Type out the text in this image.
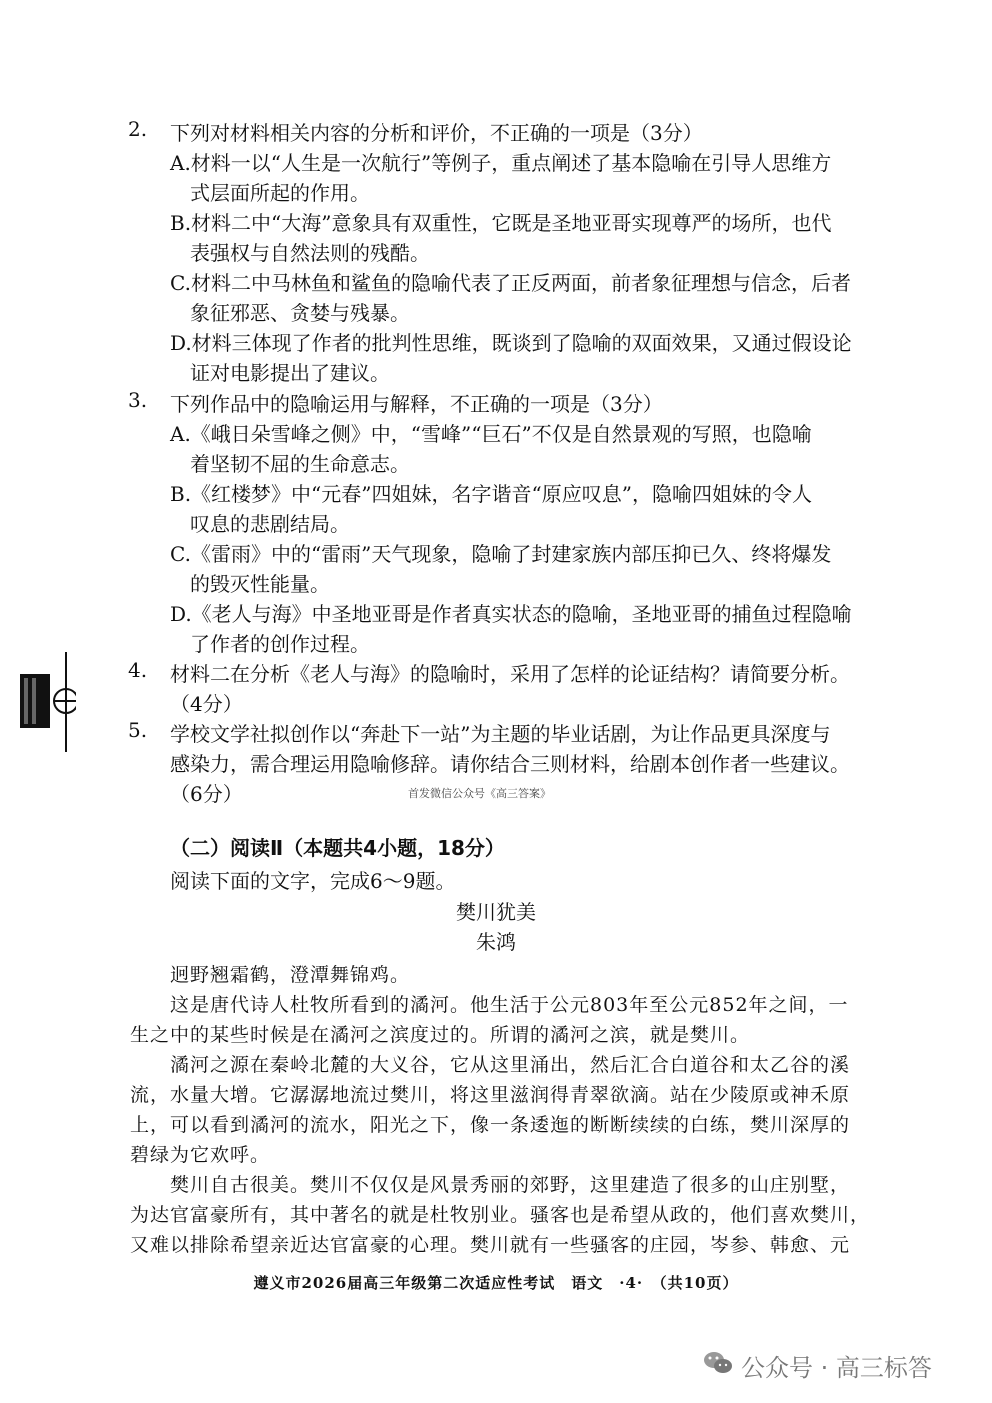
2. 下列对材料相关内容的分析和评价，不正确的一项是（3分）
A.材料一以“人生是一次航行”等例子，重点阐述了基本隐喻在引导人思维方
式层面所起的作用。
B.材料二中“大海”意象具有双重性，它既是圣地亚哥实现尊严的场所，也代
表强权与自然法则的残酷。
C.材料二中马林鱼和鲨鱼的隐喻代表了正反两面，前者象征理想与信念，后者
象征邪恶、贪婪与残暴。
D.材料三体现了作者的批判性思维，既谈到了隐喻的双面效果，又通过假设论
证对电影提出了建议。
3. 下列作品中的隐喻运用与解释，不正确的一项是（3分）
A.《峨日朵雪峰之侧》中，“雪峰”“巨石”不仅是自然景观的写照，也隐喻
着坚韧不屈的生命意志。
B.《红楼梦》中“元春”四姐妹，名字谐音“原应叹息”，隐喻四姐妹的令人
叹息的悲剧结局。
C.《雷雨》中的“雷雨”天气现象，隐喻了封建家族内部压抑已久、终将爆发
的毁灭性能量。
D.《老人与海》中圣地亚哥是作者真实状态的隐喻，圣地亚哥的捕鱼过程隐喻
了作者的创作过程。
4. 材料二在分析《老人与海》的隐喻时，采用了怎样的论证结构？请简要分析。
（4分）
5. 学校文学社拟创作以“奔赴下一站”为主题的毕业话剧，为让作品更具深度与
感染力，需合理运用隐喻修辞。请你结合三则材料，给剧本创作者一些建议。
（6分）	首发微信公众号《高三答案》
（二）阅读Ⅱ（本题共4小题，18分）
阅读下面的文字，完成6～9题。
樊川犹美
朱鸿
迥野翘霜鹤，澄潭舞锦鸡。
这是唐代诗人杜牧所看到的潏河。他生活于公元803年至公元852年之间，一
生之中的某些时候是在潏河之滨度过的。所谓的潏河之滨，就是樊川。
潏河之源在秦岭北麓的大义谷，它从这里涌出，然后汇合白道谷和太乙谷的溪
流，水量大增。它潺潺地流过樊川，将这里滋润得青翠欲滴。站在少陵原或神禾原
上，可以看到潏河的流水，阳光之下，像一条逶迤的断断续续的白练，樊川深厚的
碧绿为它欢呼。
樊川自古很美。樊川不仅仅是风景秀丽的郊野，这里建造了很多的山庄别墅，
为达官富豪所有，其中著名的就是杜牧别业。骚客也是希望从政的，他们喜欢樊川，
又难以排除希望亲近达官富豪的心理。樊川就有一些骚客的庄园，岑参、韩愈、元
遵义市2026届高三年级第二次适应性考试　语文　·4·　（共10页）
公众号 · 高三标答
